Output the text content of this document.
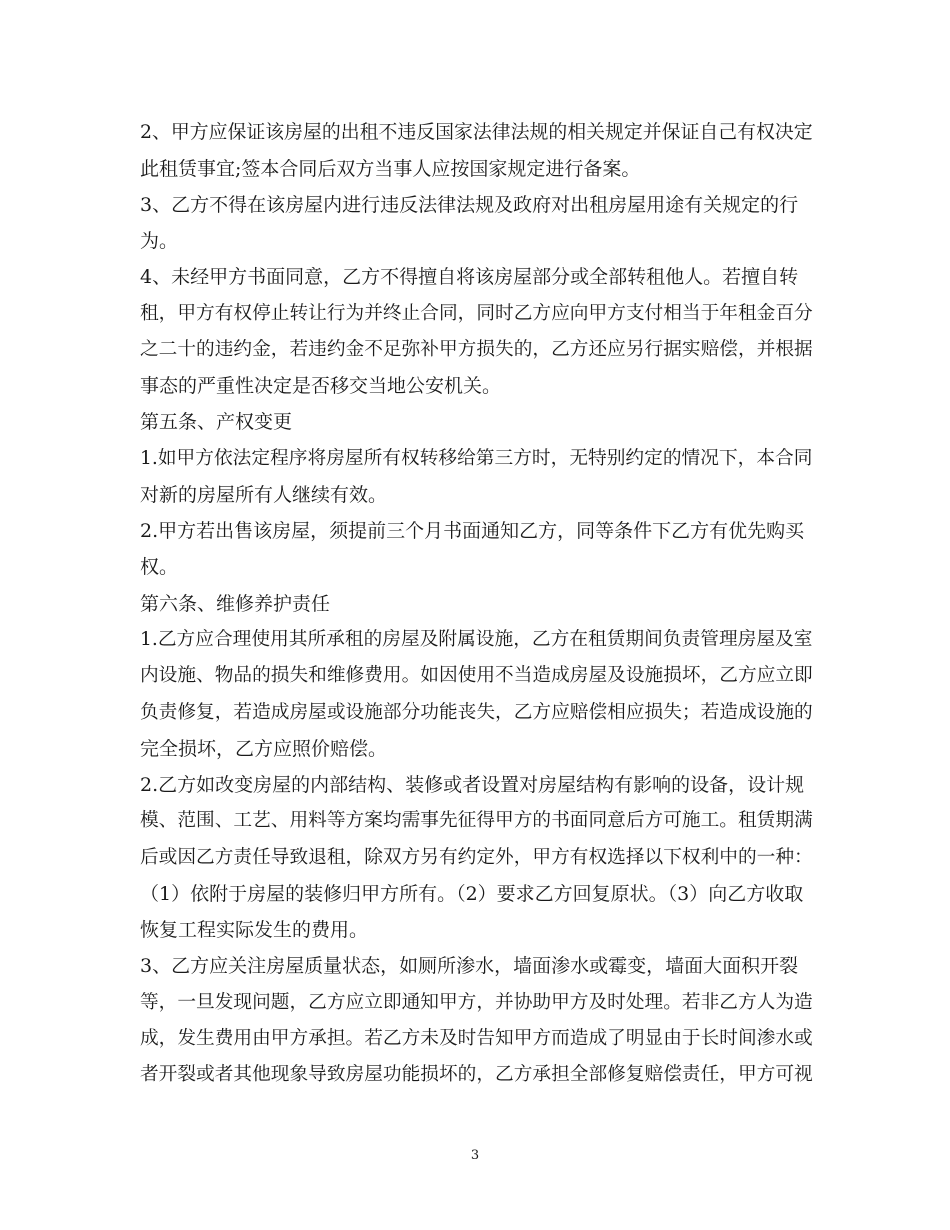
2、甲方应保证该房屋的出租不违反国家法律法规的相关规定并保证自己有权决定
此租赁事宜;签本合同后双方当事人应按国家规定进行备案。
3、乙方不得在该房屋内进行违反法律法规及政府对出租房屋用途有关规定的行
为。
4、未经甲方书面同意，乙方不得擅自将该房屋部分或全部转租他人。若擅自转
租，甲方有权停止转让行为并终止合同，同时乙方应向甲方支付相当于年租金百分
之二十的违约金，若违约金不足弥补甲方损失的，乙方还应另行据实赔偿，并根据
事态的严重性决定是否移交当地公安机关。
第五条、产权变更
1.如甲方依法定程序将房屋所有权转移给第三方时，无特别约定的情况下，本合同
对新的房屋所有人继续有效。
2.甲方若出售该房屋，须提前三个月书面通知乙方，同等条件下乙方有优先购买
权。
第六条、维修养护责任
1.乙方应合理使用其所承租的房屋及附属设施，乙方在租赁期间负责管理房屋及室
内设施、物品的损失和维修费用。如因使用不当造成房屋及设施损坏，乙方应立即
负责修复，若造成房屋或设施部分功能丧失，乙方应赔偿相应损失；若造成设施的
完全损坏，乙方应照价赔偿。
2.乙方如改变房屋的内部结构、装修或者设置对房屋结构有影响的设备，设计规
模、范围、工艺、用料等方案均需事先征得甲方的书面同意后方可施工。租赁期满
后或因乙方责任导致退租，除双方另有约定外，甲方有权选择以下权利中的一种：
（1）依附于房屋的装修归甲方所有。（2）要求乙方回复原状。（3）向乙方收取
恢复工程实际发生的费用。
3、乙方应关注房屋质量状态，如厕所渗水，墙面渗水或霉变，墙面大面积开裂
等，一旦发现问题，乙方应立即通知甲方，并协助甲方及时处理。若非乙方人为造
成，发生费用由甲方承担。若乙方未及时告知甲方而造成了明显由于长时间渗水或
者开裂或者其他现象导致房屋功能损坏的，乙方承担全部修复赔偿责任，甲方可视
3
